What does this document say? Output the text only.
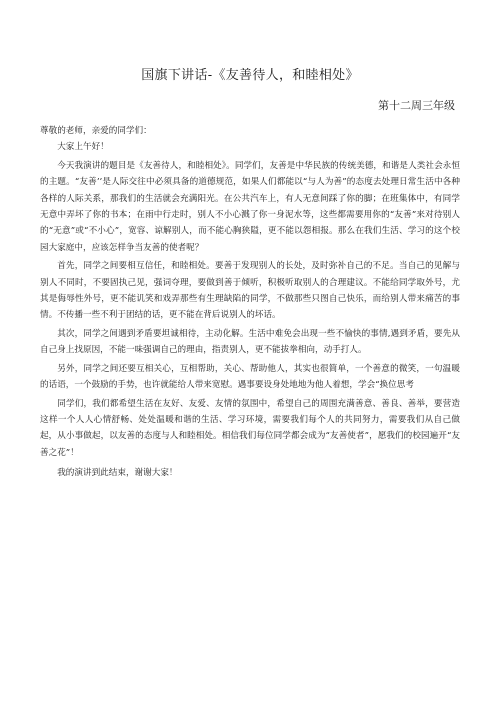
国旗下讲话-《友善待人，和睦相处》
第十二周三年级

尊敬的老师，亲爱的同学们：

大家上午好！

今天我演讲的题目是《友善待人，和睦相处》。同学们，友善是中华民族的传统美德，和谐是人类社会永恒的主题。“友善’’是人际交往中必须具备的道德规范，如果人们都能以“与人为善”的态度去处理日常生活中各种各样的人际关系，那我们的生活就会充满阳光。在公共汽车上，有人无意间踩了你的脚；在班集体中，有同学无意中弄坏了你的书本；在雨中行走时，别人不小心溅了你一身泥水等，这些都需要用你的“友善”来对待别人的“无意”或“不小心”，宽容、谅解别人，而不能心胸狭隘，更不能以怨相报。那么在我们生活、学习的这个校园大家庭中，应该怎样争当友善的使者呢？

首先，同学之间要相互信任，和睦相处。要善于发现别人的长处，及时弥补自己的不足。当自己的见解与别人不同时，不要固执己见，强词夺理，要做到善于倾听，积极听取别人的合理建议。不能给同学取外号，尤其是侮辱性外号，更不能讥笑和戏弄那些有生理缺陷的同学，不做那些只图自己快乐，而给别人带来痛苦的事情。不传播一些不利于团结的话，更不能在背后说别人的坏话。

其次，同学之间遇到矛盾要坦诚相待，主动化解。生活中难免会出现一些不愉快的事情,遇到矛盾，要先从自己身上找原因，不能一味强调自己的理由，指责别人，更不能拔拳相向，动手打人。

另外，同学之间还要互相关心，互相帮助，关心、帮助他人，其实也很简单，一个善意的微笑，一句温暖的话语，一个鼓励的手势，也许就能给人带来宽慰。遇事要设身处地地为他人着想，学会“换位思考

同学们，我们都希望生活在友好、友爱、友情的氛围中，希望自己的周围充满善意、善良、善举，要营造这样一个人人心情舒畅、处处温暖和谐的生活、学习环境，需要我们每个人的共同努力，需要我们从自己做起，从小事做起，以友善的态度与人和睦相处。相信我们每位同学都会成为“友善使者”，愿我们的校园遍开“友善之花”！

我的演讲到此结束，谢谢大家！
